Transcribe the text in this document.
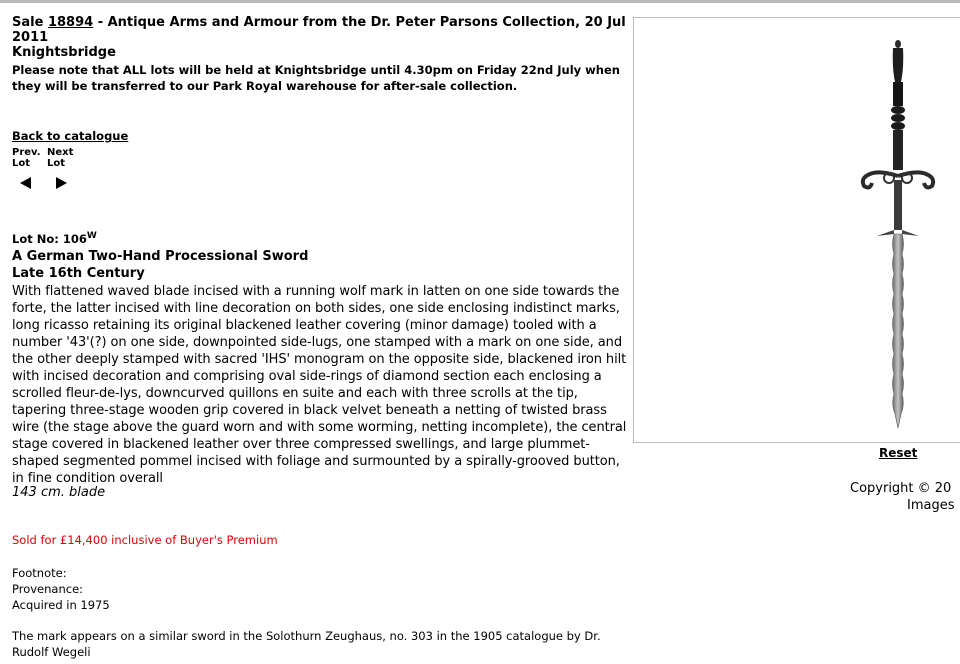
Sale 18894 - Antique Arms and Armour from the Dr. Peter Parsons Collection, 20 Jul 2011
Knightsbridge
Please note that ALL lots will be held at Knightsbridge until 4.30pm on Friday 22nd July when they will be transferred to our Park Royal warehouse for after-sale collection.
Back to catalogue
Prev.
Lot
Next
Lot
Lot No: $106^W$
A German Two-Hand Processional Sword
Late 16th Century
With flattened waved blade incised with a running wolf mark in latten on one side towards the forte, the latter incised with line decoration on both sides, one side enclosing indistinct marks, long ricasso retaining its original blackened leather covering (minor damage) tooled with a number '43'(?) on one side, downpointed side-lugs, one stamped with a mark on one side, and the other deeply stamped with sacred 'IHS' monogram on the opposite side, blackened iron hilt with incised decoration and comprising oval side-rings of diamond section each enclosing a scrolled fleur-de-lys, downcurved quillons en suite and each with three scrolls at the tip, tapering three-stage wooden grip covered in black velvet beneath a netting of twisted brass wire (the stage above the guard worn and with some worming, netting incomplete), the central stage covered in blackened leather over three compressed swellings, and large plummet-shaped segmented pommel incised with foliage and surmounted by a spirally-grooved button, in fine condition overall
143 cm. blade
Sold for £14,400 inclusive of Buyer's Premium
Footnote:
Provenance:
Acquired in 1975
The mark appears on a similar sword in the Solothurn Zeughaus, no. 303 in the 1905 catalogue by Dr. Rudolf Wegeli
Reset
Copyright © 20
Images
